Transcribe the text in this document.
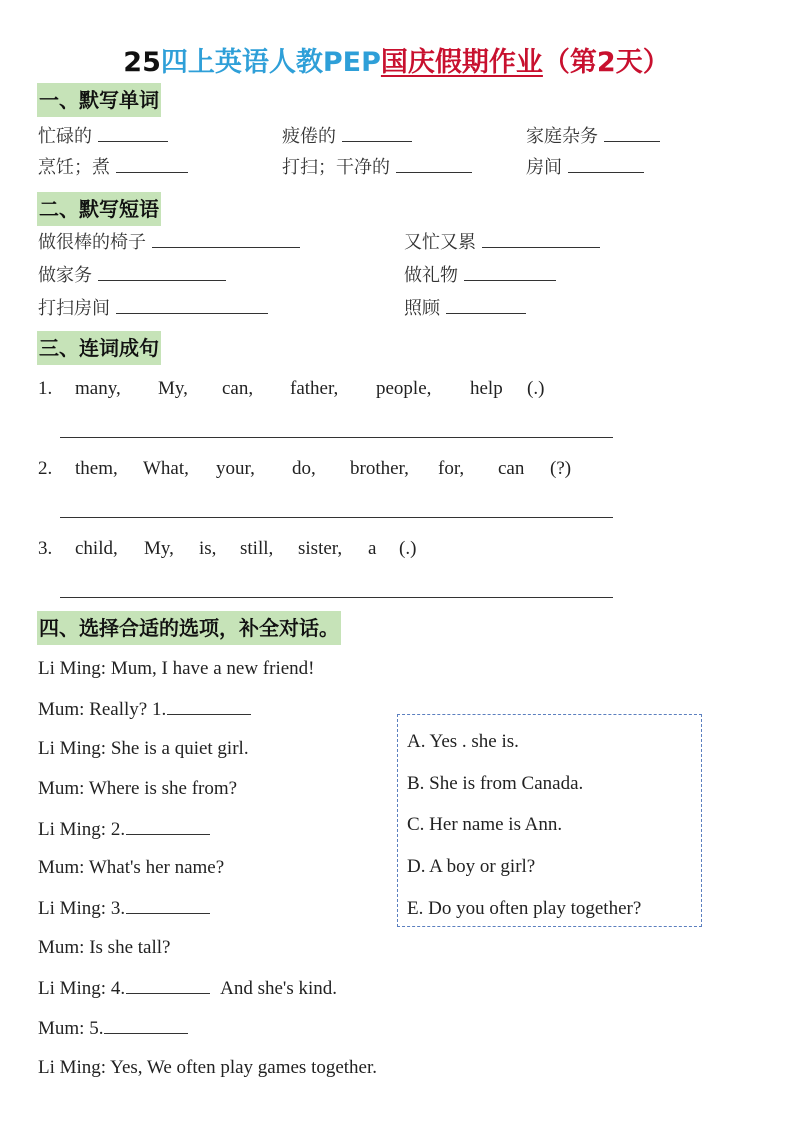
25四上英语人教PEP国庆假期作业（第2天）
一、默写单词
忙碌的	疲倦的	家庭杂务
烹饪；煮	打扫；干净的	房间
二、默写短语
做很棒的椅子	又忙又累
做家务	做礼物
打扫房间	照顾
三、连词成句
1. many, My, can, father, people, help (.)
2. them, What, your, do, brother, for, can (?)
3. child, My, is, still, sister, a (.)
四、选择合适的选项，补全对话。
Li Ming: Mum, I have a new friend!
Mum: Really? 1.
Li Ming: She is a quiet girl.
Mum: Where is she from?
Li Ming: 2.
Mum: What's her name?
Li Ming: 3.
Mum: Is she tall?
Li Ming: 4.	And she's kind.
Mum: 5.
Li Ming: Yes, We often play games together.
A. Yes . she is.
B. She is from Canada.
C. Her name is Ann.
D. A boy or girl?
E. Do you often play together?
